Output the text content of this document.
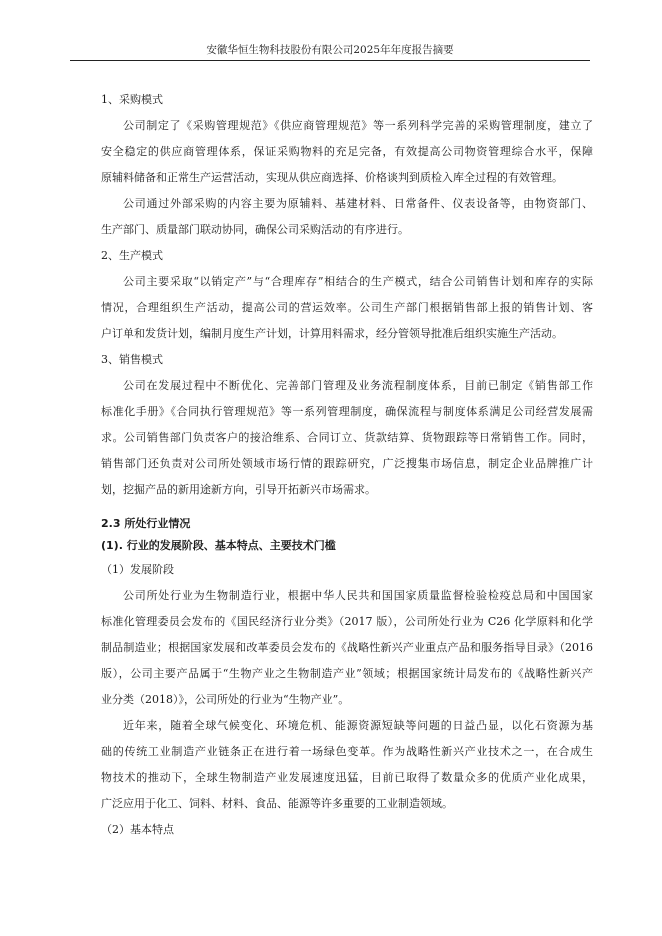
安徽华恒生物科技股份有限公司2025年年度报告摘要
1、采购模式
公司制定了《采购管理规范》《供应商管理规范》等一系列科学完善的采购管理制度，建立了
安全稳定的供应商管理体系，保证采购物料的充足完备，有效提高公司物资管理综合水平，保障
原辅料储备和正常生产运营活动，实现从供应商选择、价格谈判到质检入库全过程的有效管理。
公司通过外部采购的内容主要为原辅料、基建材料、日常备件、仪表设备等，由物资部门、
生产部门、质量部门联动协同，确保公司采购活动的有序进行。
2、生产模式
公司主要采取“以销定产”与“合理库存”相结合的生产模式，结合公司销售计划和库存的实际
情况，合理组织生产活动，提高公司的营运效率。公司生产部门根据销售部上报的销售计划、客
户订单和发货计划，编制月度生产计划，计算用料需求，经分管领导批准后组织实施生产活动。
3、销售模式
公司在发展过程中不断优化、完善部门管理及业务流程制度体系，目前已制定《销售部工作
标准化手册》《合同执行管理规范》等一系列管理制度，确保流程与制度体系满足公司经营发展需
求。公司销售部门负责客户的接洽维系、合同订立、货款结算、货物跟踪等日常销售工作。同时，
销售部门还负责对公司所处领域市场行情的跟踪研究，广泛搜集市场信息，制定企业品牌推广计
划，挖掘产品的新用途新方向，引导开拓新兴市场需求。
2.3 所处行业情况
(1). 行业的发展阶段、基本特点、主要技术门槛
（1）发展阶段
公司所处行业为生物制造行业，根据中华人民共和国国家质量监督检验检疫总局和中国国家
标准化管理委员会发布的《国民经济行业分类》（2017 版），公司所处行业为 C26 化学原料和化学
制品制造业；根据国家发展和改革委员会发布的《战略性新兴产业重点产品和服务指导目录》（2016
版），公司主要产品属于“生物产业之生物制造产业”领域；根据国家统计局发布的《战略性新兴产
业分类（2018）》，公司所处的行业为“生物产业”。
近年来，随着全球气候变化、环境危机、能源资源短缺等问题的日益凸显，以化石资源为基
础的传统工业制造产业链条正在进行着一场绿色变革。作为战略性新兴产业技术之一，在合成生
物技术的推动下，全球生物制造产业发展速度迅猛，目前已取得了数量众多的优质产业化成果，
广泛应用于化工、饲料、材料、食品、能源等许多重要的工业制造领域。
（2）基本特点
